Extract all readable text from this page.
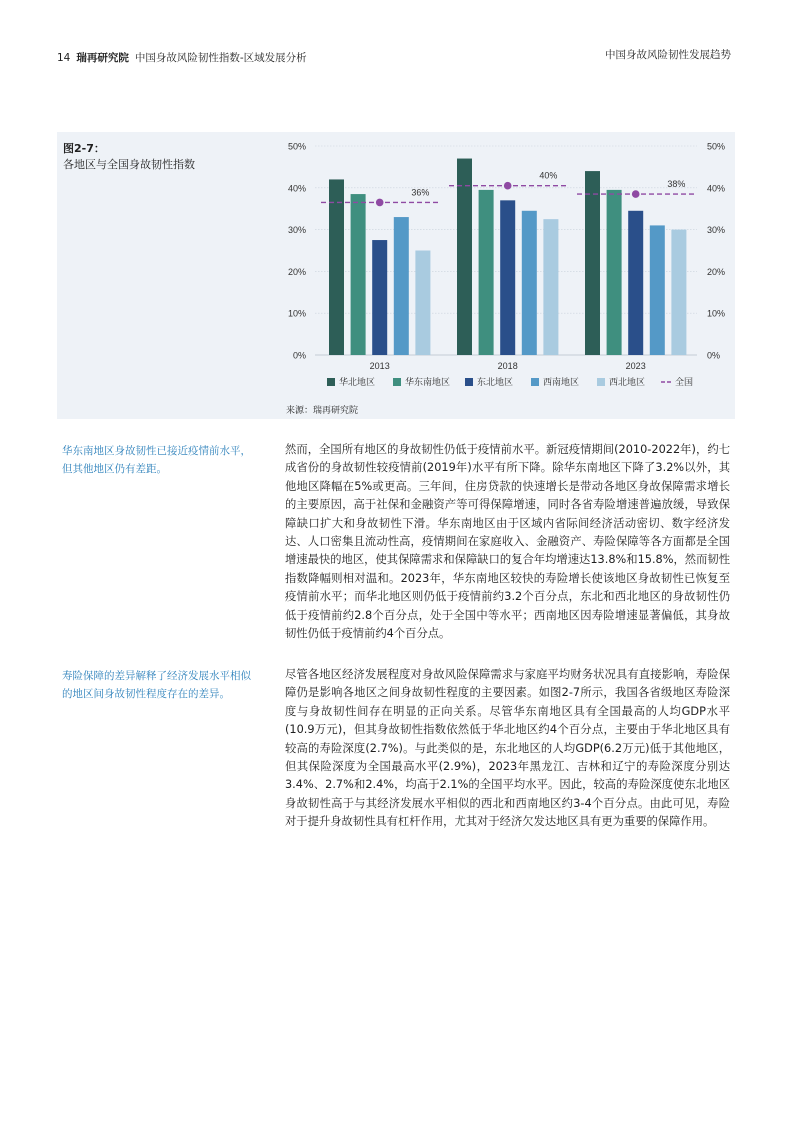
14 瑞再研究院 中国身故风险韧性指数-区域发展分析	中国身故风险韧性发展趋势
图2-7：
各地区与全国身故韧性指数
0%	0%
10%	10%
20%	20%
30%	30%
40%	40%
50%	50%
2013
36%
2018
40%
2023
38%
华北地区	华东南地区	东北地区	西南地区	西北地区	全国
来源：瑞再研究院
华东南地区身故韧性已接近疫情前水平，但其他地区仍有差距。
寿险保障的差异解释了经济发展水平相似的地区间身故韧性程度存在的差异。
然而，全国所有地区的身故韧性仍低于疫情前水平。新冠疫情期间(2010-2022年)，约七成省份的身故韧性较疫情前(2019年)水平有所下降。除华东南地区下降了3.2%以外，其他地区降幅在5%或更高。三年间，住房贷款的快速增长是带动各地区身故保障需求增长的主要原因，高于社保和金融资产等可得保障增速，同时各省寿险增速普遍放缓，导致保障缺口扩大和身故韧性下滑。华东南地区由于区域内省际间经济活动密切、数字经济发达、人口密集且流动性高，疫情期间在家庭收入、金融资产、寿险保障等各方面都是全国增速最快的地区，使其保障需求和保障缺口的复合年均增速达13.8%和15.8%，然而韧性指数降幅则相对温和。2023年，华东南地区较快的寿险增长使该地区身故韧性已恢复至疫情前水平；而华北地区则仍低于疫情前约3.2个百分点，东北和西北地区的身故韧性仍低于疫情前约2.8个百分点，处于全国中等水平；西南地区因寿险增速显著偏低，其身故韧性仍低于疫情前约4个百分点。
尽管各地区经济发展程度对身故风险保障需求与家庭平均财务状况具有直接影响，寿险保障仍是影响各地区之间身故韧性程度的主要因素。如图2-7所示，我国各省级地区寿险深度与身故韧性间存在明显的正向关系。尽管华东南地区具有全国最高的人均GDP水平(10.9万元)，但其身故韧性指数依然低于华北地区约4个百分点，主要由于华北地区具有较高的寿险深度(2.7%)。与此类似的是，东北地区的人均GDP(6.2万元)低于其他地区，但其保险深度为全国最高水平(2.9%)，2023年黑龙江、吉林和辽宁的寿险深度分别达3.4%、2.7%和2.4%，均高于2.1%的全国平均水平。因此，较高的寿险深度使东北地区身故韧性高于与其经济发展水平相似的西北和西南地区约3-4个百分点。由此可见，寿险对于提升身故韧性具有杠杆作用，尤其对于经济欠发达地区具有更为重要的保障作用。
